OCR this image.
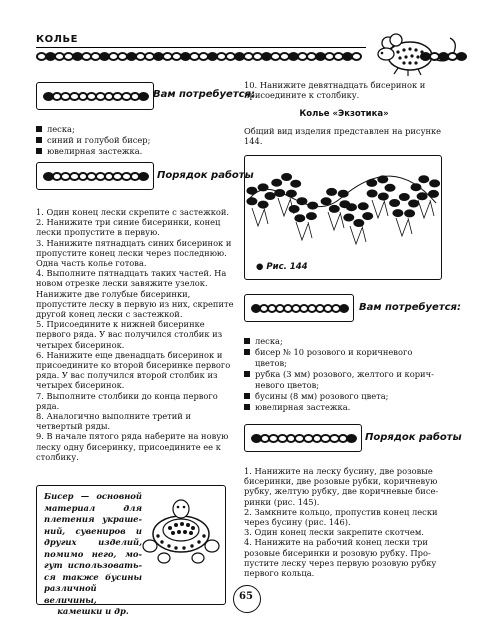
КОЛЬЕ
Вам потребуется:
леска;
синий и голубой бисер;
ювелирная застежка.
Порядок работы

1. Один конец лески скрепите с застежкой.

2. Нанижите три синие бисеринки, конец лески пропустите в первую.

3. Нанижите пятнадцать синих бисеринок и пропустите конец лески через последнюю. Одна часть колье готова.

4. Выполните пятнадцать таких частей. На новом отрезке лески завяжите узелок. Нанижите две голубые бисеринки, пропустите леску в первую из них, скрепите другой конец лески с застежкой.

5. Присоедините к нижней бисеринке первого ряда. У вас получился столбик из четырех бисеринок.

6. Нанижите еще двенадцать бисеринок и присоедините ко второй бисеринке первого ряда. У вас получился второй столбик из четырех бисеринок.

7. Выполните столбики до конца первого ряда.

8. Аналогично выполните третий и четвертый ряды.

9. В начале пятого ряда наберите на новую леску одну бисеринку, присоедините ее к столбику.

Бисер — основной материал для плетения украшений, сувениров и других изделий, помимо него, могут использоваться также бусины различной величины, камешки и др.
65
10. Нанижите девятнадцать бисеринок и присоедините к столбику.
Колье «Экзотика»
Общий вид изделия представлен на рисунке 144.
● Рис. 144
Вам потребуется:
леска;
бисер № 10 розового и коричневого цветов;
рубка (3 мм) розового, желтого и коричневого цветов;
бусины (8 мм) розового цвета;
ювелирная застежка.
Порядок работы

1. Нанижите на леску бусину, две розовые бисеринки, две розовые рубки, коричневую рубку, желтую рубку, две коричневые бисеринки (рис. 145).

2. Замкните кольцо, пропустив конец лески через бусину (рис. 146).

3. Один конец лески закрепите скотчем.

4. Нанижите на рабочий конец лески три розовые бисеринки и розовую рубку. Пропустите леску через первую розовую рубку первого кольца.
